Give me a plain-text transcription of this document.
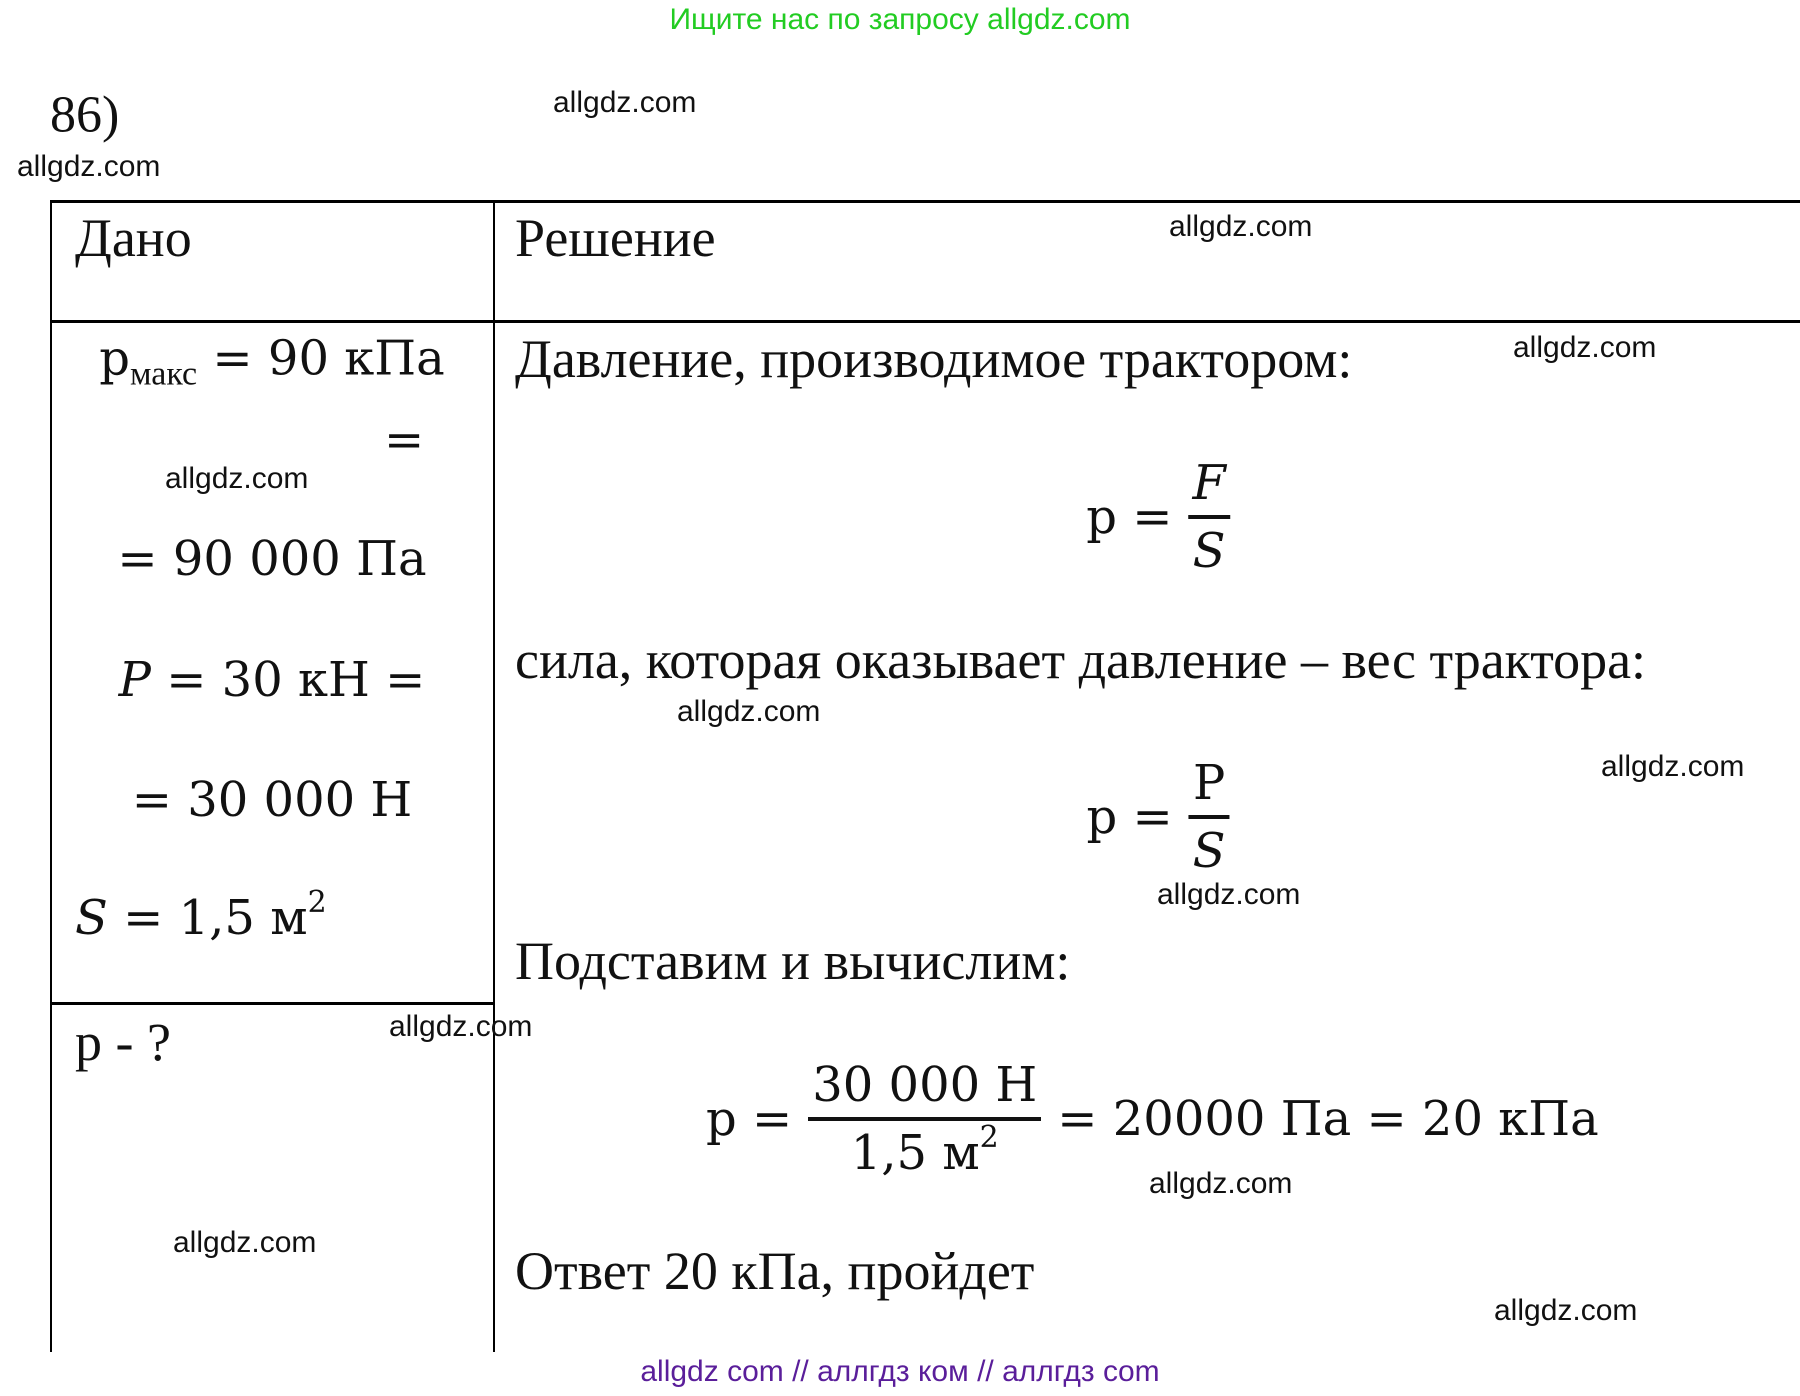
Ищите нас по запросу allgdz.com
allgdz com // аллгдз ком // аллгдз com
86)
Дано	Решение
$p_{макс} = 90$ кПа
=
= 90 000 Па
P = 30 кН =
= 30 000 Н
S = 1,5 $м^2$
p - ?
Давление, производимое трактором:
$p = \frac{F}{S}$
сила, которая оказывает давление – вес трактора:
$p = \frac{P}{S}$
Подставим и вычислим:
$p = \frac{30 000 Н}{1,5 м^2} = 20000$ Па = 20 кПа
Ответ 20 кПа, пройдет
allgdz.com
allgdz.com
allgdz.com
allgdz.com
allgdz.com
allgdz.com
allgdz.com
allgdz.com
allgdz.com
allgdz.com
allgdz.com
allgdz.com
